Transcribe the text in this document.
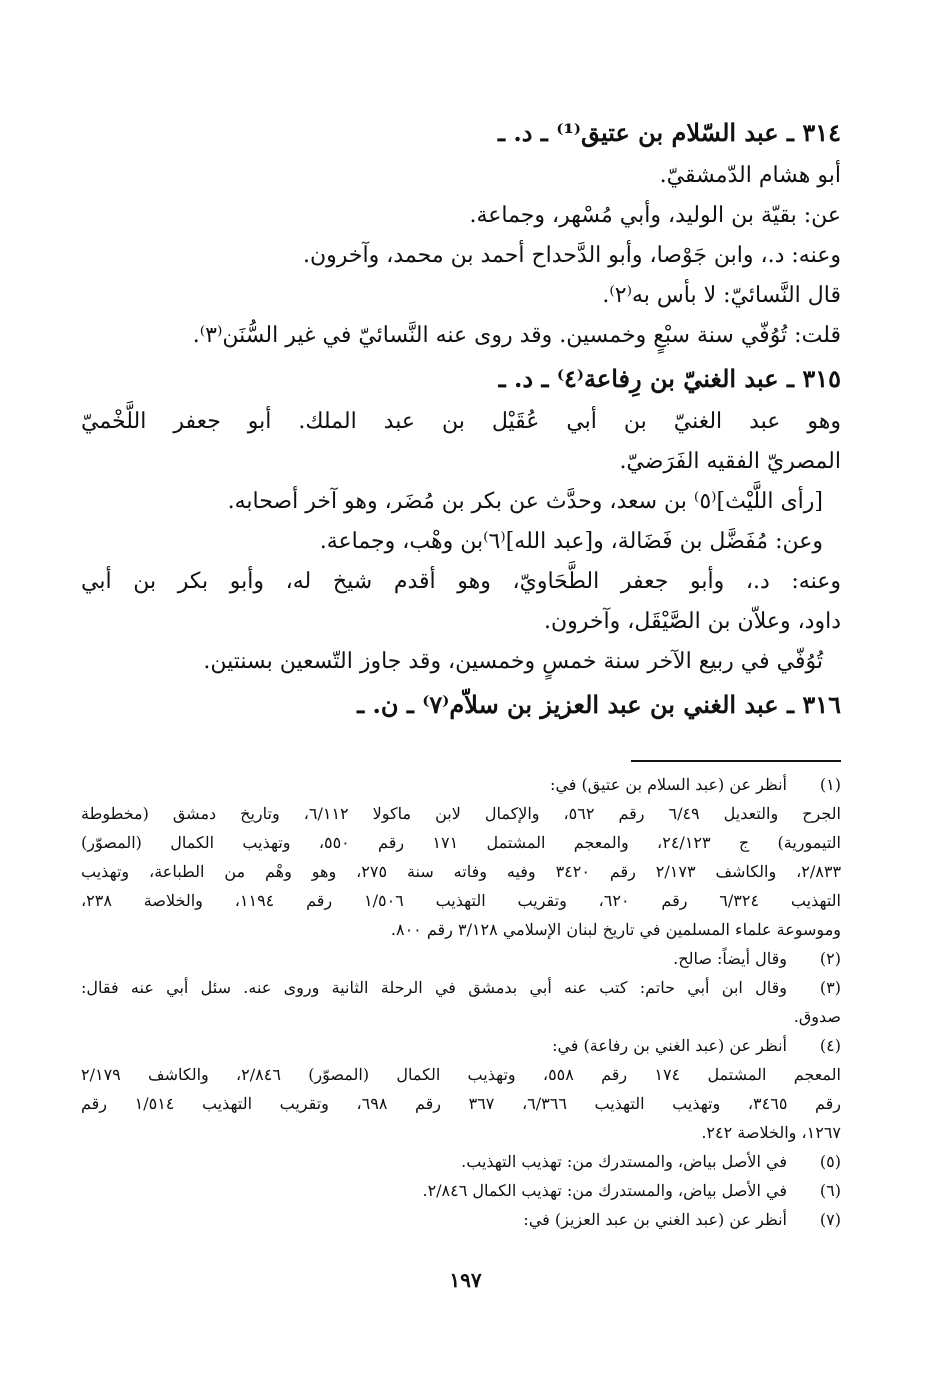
٣١٤ ـ عبد السّلام بن عتيق⁽¹⁾ ـ د. ـ
أبو هشام الدّمشقيّ.
عن: بقيّة بن الوليد، وأبي مُسْهر، وجماعة.
وعنه: د.، وابن جَوْصا، وأبو الدَّحداح أحمد بن محمد، وآخرون.
قال النَّسائيّ: لا بأس به⁽٢⁾.
قلت: تُوُفّي سنة سبْعٍ وخمسين. وقد روى عنه النَّسائيّ في غير السُّنَن⁽٣⁾.
٣١٥ ـ عبد الغنيّ بن رِفاعة⁽٤⁾ ـ د. ـ
وهو عبد الغنيّ بن أبي عُقَيْل بن عبد الملك. أبو جعفر اللَّخْميّ
المصريّ الفقيه الفَرَضيّ.
[رأى اللَّيْث]⁽٥⁾ بن سعد، وحدَّث عن بكر بن مُضَر، وهو آخر أصحابه.
وعن: مُفَضَّل بن فَضَالة، و[عبد الله]⁽٦⁾بن وهْب، وجماعة.
وعنه: د.، وأبو جعفر الطَّحَاويّ، وهو أقدم شيخ له، وأبو بكر بن أبي
داود، وعلاّن بن الصَّيْقَل، وآخرون.
تُوُفّي في ربيع الآخر سنة خمسٍ وخمسين، وقد جاوز التّسعين بسنتين.
٣١٦ ـ عبد الغني بن عبد العزيز بن سلاّم⁽٧⁾ ـ ن. ـ
(١)
أنظر عن (عبد السلام بن عتيق) في:
الجرح والتعديل ٦/٤٩ رقم ٥٦٢، والإكمال لابن ماكولا ٦/١١٢، وتاريخ دمشق (مخطوطة
التيمورية) ج ٢٤/١٢٣، والمعجم المشتمل ١٧١ رقم ٥٥٠، وتهذيب الكمال (المصوّر)
٢/٨٣٣، والكاشف ٢/١٧٣ رقم ٣٤٢٠ وفيه وفاته سنة ٢٧٥، وهو وهْم من الطباعة، وتهذيب
التهذيب ٦/٣٢٤ رقم ٦٢٠، وتقريب التهذيب ١/٥٠٦ رقم ١١٩٤، والخلاصة ٢٣٨،
وموسوعة علماء المسلمين في تاريخ لبنان الإسلامي ٣/١٢٨ رقم ٨٠٠.
(٢)
وقال أيضاً: صالح.
(٣)
وقال ابن أبي حاتم: كتب عنه أبي بدمشق في الرحلة الثانية وروى عنه. سئل أبي عنه فقال:
صدوق.
(٤)
أنظر عن (عبد الغني بن رفاعة) في:
المعجم المشتمل ١٧٤ رقم ٥٥٨، وتهذيب الكمال (المصوّر) ٢/٨٤٦، والكاشف ٢/١٧٩
رقم ٣٤٦٥، وتهذيب التهذيب ٦/٣٦٦، ٣٦٧ رقم ٦٩٨، وتقريب التهذيب ١/٥١٤ رقم
١٢٦٧، والخلاصة ٢٤٢.
(٥)
في الأصل بياض، والمستدرك من: تهذيب التهذيب.
(٦)
في الأصل بياض، والمستدرك من: تهذيب الكمال ٢/٨٤٦.
(٧)
أنظر عن (عبد الغني بن عبد العزيز) في:
١٩٧
